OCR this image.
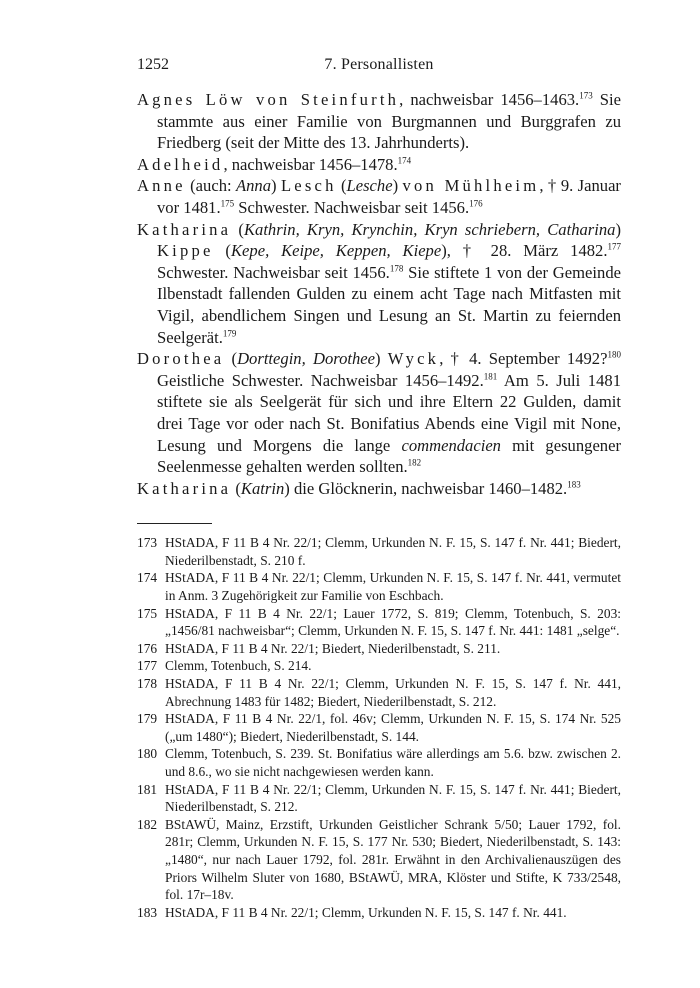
1252	7. Personallisten

Agnes Löw von Steinfurth, nachweisbar 1456–1463.$^{173}$ Sie stammte aus einer Familie von Burgmannen und Burggrafen zu Friedberg (seit der Mitte des 13. Jahrhunderts).

Adelheid, nachweisbar 1456–1478.$^{174}$

Anne (auch: Anna) Lesch (Lesche) von Mühlheim, † 9. Januar vor 1481.$^{175}$ Schwester. Nachweisbar seit 1456.$^{176}$

Katharina (Kathrin, Kryn, Krynchin, Kryn schriebern, Catharina) Kippe (Kepe, Keipe, Keppen, Kiepe), † 28. März 1482.$^{177}$ Schwester. Nachweisbar seit 1456.$^{178}$ Sie stiftete 1 von der Gemeinde Ilbenstadt fallenden Gulden zu einem acht Tage nach Mitfasten mit Vigil, abendlichem Singen und Lesung an St. Martin zu feiernden Seelgerät.$^{179}$

Dorothea (Dorttegin, Dorothee) Wyck, † 4. September 1492?$^{180}$ Geistliche Schwester. Nachweisbar 1456–1492.$^{181}$ Am 5. Juli 1481 stiftete sie als Seelgerät für sich und ihre Eltern 22 Gulden, damit drei Tage vor oder nach St. Bonifatius Abends eine Vigil mit None, Lesung und Morgens die lange commendacien mit gesungener Seelenmesse gehalten werden sollten.$^{182}$

Katharina (Katrin) die Glöcknerin, nachweisbar 1460–1482.$^{183}$

173 HStADA, F 11 B 4 Nr. 22/1; Clemm, Urkunden N. F. 15, S. 147 f. Nr. 441; Biedert, Niederilbenstadt, S. 210 f.
174 HStADA, F 11 B 4 Nr. 22/1; Clemm, Urkunden N. F. 15, S. 147 f. Nr. 441, vermutet in Anm. 3 Zugehörigkeit zur Familie von Eschbach.
175 HStADA, F 11 B 4 Nr. 22/1; Lauer 1772, S. 819; Clemm, Totenbuch, S. 203: „1456/81 nachweisbar“; Clemm, Urkunden N. F. 15, S. 147 f. Nr. 441: 1481 „selge“.
176 HStADA, F 11 B 4 Nr. 22/1; Biedert, Niederilbenstadt, S. 211.
177 Clemm, Totenbuch, S. 214.
178 HStADA, F 11 B 4 Nr. 22/1; Clemm, Urkunden N. F. 15, S. 147 f. Nr. 441, Abrechnung 1483 für 1482; Biedert, Niederilbenstadt, S. 212.
179 HStADA, F 11 B 4 Nr. 22/1, fol. 46v; Clemm, Urkunden N. F. 15, S. 174 Nr. 525 („um 1480“); Biedert, Niederilbenstadt, S. 144.
180 Clemm, Totenbuch, S. 239. St. Bonifatius wäre allerdings am 5.6. bzw. zwischen 2. und 8.6., wo sie nicht nachgewiesen werden kann.
181 HStADA, F 11 B 4 Nr. 22/1; Clemm, Urkunden N. F. 15, S. 147 f. Nr. 441; Biedert, Niederilbenstadt, S. 212.
182 BStAWÜ, Mainz, Erzstift, Urkunden Geistlicher Schrank 5/50; Lauer 1792, fol. 281r; Clemm, Urkunden N. F. 15, S. 177 Nr. 530; Biedert, Niederilbenstadt, S. 143: „1480“, nur nach Lauer 1792, fol. 281r. Erwähnt in den Archivalienauszügen des Priors Wilhelm Sluter von 1680, BStAWÜ, MRA, Klöster und Stifte, K 733/2548, fol. 17r–18v.
183 HStADA, F 11 B 4 Nr. 22/1; Clemm, Urkunden N. F. 15, S. 147 f. Nr. 441.
